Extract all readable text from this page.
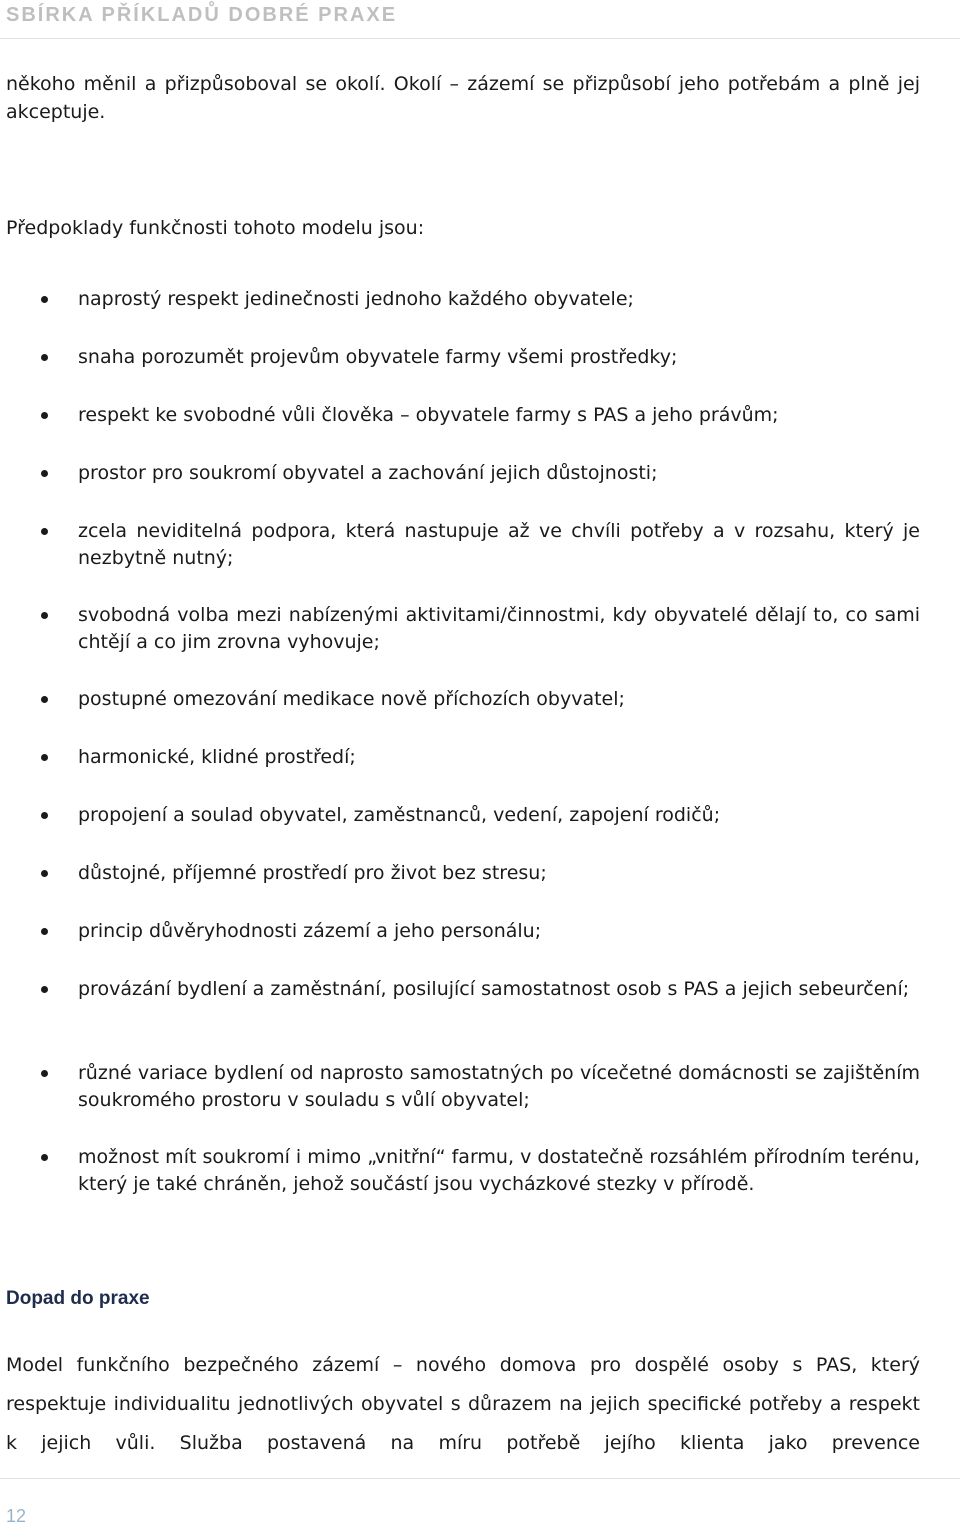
SBÍRKA PŘÍKLADŮ DOBRÉ PRAXE

někoho měnil a přizpůsoboval se okolí. Okolí – zázemí se přizpůsobí jeho potřebám a plně jej akceptuje.

Předpoklady funkčnosti tohoto modelu jsou:

naprostý respekt jedinečnosti jednoho každého obyvatele;
snaha porozumět projevům obyvatele farmy všemi prostředky;
respekt ke svobodné vůli člověka – obyvatele farmy s PAS a jeho právům;
prostor pro soukromí obyvatel a zachování jejich důstojnosti;
zcela neviditelná podpora, která nastupuje až ve chvíli potřeby a v rozsahu, který je nezbytně nutný;
svobodná volba mezi nabízenými aktivitami/činnostmi, kdy obyvatelé dělají to, co sami chtějí a co jim zrovna vyhovuje;
postupné omezování medikace nově příchozích obyvatel;
harmonické, klidné prostředí;
propojení a soulad obyvatel, zaměstnanců, vedení, zapojení rodičů;
důstojné, příjemné prostředí pro život bez stresu;
princip důvěryhodnosti zázemí a jeho personálu;
provázání bydlení a zaměstnání, posilující samostatnost osob s PAS a jejich sebeurčení;
různé variace bydlení od naprosto samostatných po vícečetné domácnosti se zajištěním soukromého prostoru v souladu s vůlí obyvatel;
možnost mít soukromí i mimo „vnitřní“ farmu, v dostatečně rozsáhlém přírodním terénu, který je také chráněn, jehož součástí jsou vycházkové stezky v přírodě.
Dopad do praxe

Model funkčního bezpečného zázemí – nového domova pro dospělé osoby s PAS, který respektuje individualitu jednotlivých obyvatel s důrazem na jejich specifické potřeby a respekt k jejich vůli. Služba postavená na míru potřebě jejího klienta jako prevence

12
